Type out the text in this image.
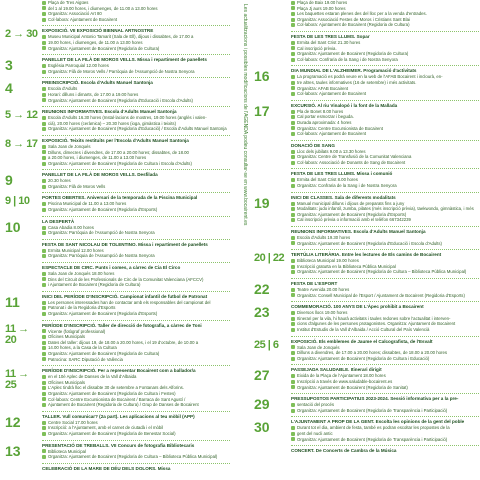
Plaça de Tres Aigües

del 1 al 19.00 hores, i diumenges, de 11.00 a 13.00 hores

Organitza: Associació Art 80

Col·labora: Ajuntament de Bocairent

2 → 30 EXPOSICIÓ. VII EXPOSICIÓ BIENNAL ARTNOSTRE

Museu Municipal Antonio Tamarit (Sala de Ell), dijous i dissabtes, de 17.00 a

19.00 hores, i diumenges, de 11.00 a 13.00 hores

Organitza: Ajuntament de Bocairent (Regidoria de Cultura)

3	PANELLET DE LA FILÀ DE MOROS VELLS. Missa i repartiment de panellets

Església Parroquial 12.00 hores

Organitza: Filà de Moros Vells / Parròquia de l'Assumpció de Nostra Senyora

4	PREINSCRIPCIÓ. Escola d'Adults Manuel Santonja

Escola d'Adults

Horari: dilluns i dimarts, de 17.00 a 19.00 hores

Organitza: Ajuntament de Bocairent (Regidoria d'Educació i Escola d'Adults)

5 → 12 REUNIONS INFORMATIVES. Escola d'Adults Manuel Santonja

Escola d'Adults 16.30 hores (Instal·lacions de mostres, 19.00 hores (anglès i valen-

cià), 20.00 hores (ceràmica) – 20.30 hores (ioga, gimàstica i teixits)

Organitza: Ajuntament de Bocairent (Regidoria d'Educació) / Escola d'Adults Manuel Santonja

8 → 17 EXPOSICIÓ. Teixits restituits per l'Escola d'Adults Manuel Santonja

Sala Joan de Jonqués

Dilluns, dimecres i divendres, de 17.00 a 20.00 hores; dissabtes, de 18.00

a 20.00 hores, i diumenges, de 11.00 a 13.00 hores

Organitza: Ajuntament de Bocairent (Regidoria de Cultura i Escola d'Adults)

9	PANELLET DE LA FILÀ DE MOROS VELLS. Desfilada

20.30 hores

Organitza: Filà de Moros Vells

9 | 10	PORTES OBERTES. Aniversari de la temporada de la Piscina Municipal

Piscina Municipal de 11.00 a 13.00 hores

Organitza: Ajuntament de Bocairent (Regidoria d'Esports)

10	LA DESPERTÀ

Casa Abadia 8.00 hores

Organitza: Parròquia de l'Assumpció de Nostra Senyora

FESTA DE SANT NICOLAU DE TOLENTINO. Missa i repartiment de panellets

Ermita Municipal 12.00 hores

Organitza: Parròquia de l'Assumpció de Nostra Senyora

ESPECTACLE DE CIRC. Punts i comes, a càrrec de Cia El Circo

Sala Joan de Jonqués 18.00 hores

Dins del Circuit de les Professionals de Circ de la Comunitat Valenciana (AFCCV)

i Ajuntament de Bocairent (Regidoria de Cultura)

11	INICI DEL PERÍODE D'INSCRIPCIÓ. Campionat infantil de futbol de Patronat

Les persones interessades han de contactar amb els responsables del campionat del

Patronat i de la Regidoria d'Esports

Organitza: Ajuntament de Bocairent (Regidoria d'Esports)

11 → 20

PERÍODE D'INSCRIPCIÓ. Taller de direcció de fotografia, a càrrec de Toni

Vicente (fotògraf professional)

Oficines Municipals

Dates del taller: dijous 19, de 18.00 a 20.00 hores, i el 19 d'octubre, de 10.00 a

14.00 hores, a la Casa de la Cultura

Organitza: Ajuntament de Bocairent (Regidoria de Cultura)

Patrocina: SARC Diputació de València

11 → 25

PERÍODE D'INSCRIPCIÓ. Per a representar Bocairent com a ballador/a

en el 10è Aplec de Danses de la Vall d'Albaida

Oficines Municipals

L'Aplec tindrà lloc el dissabte 30 de setembre a Fontanars dels Alforins.

Organitza: Ajuntament de Bocairent (Regidoria de Cultura i Festes)

Col·labora: Centre Excursionista de Bocairent / Barraca de Sant Agustí /

Ajuntament de Bocairent (Regidoria de Cultura) / Grup de Danses de Bocairent

12	TALLER. Vull comunicar? (2a part). Les aplicacions al teu mòbil (APP)

Centre Social 17.00 hores

Inscripció: a l'Ajuntament, amb el carnet de ciutadà i el mòbil

Organitza: Ajuntament de Bocairent (Regidoria de Benestar Social)

13	PRESENTACIÓ DE TREBALLS. VII Concurs de fotografia Bibliotecaris

Biblioteca Municipal

Organitza: Ajuntament de Bocairent (Regidoria de Cultura – Biblioteca Pública Municipal)

CELEBRACIÓ DE LA MARE DE DÉU DELS DOLORS. Missa

Les actualitzacions i possibles modificacions de l'AGENDA podeu consultar-se en www.bocairent.es

Plaça de Baix 19.00 hores

Plaça Jj aurs 19.00 hores

Les baquettes estaran plenes des del lloc per a la venda d'entrades.

Organitza: Associació Festes de Moros i Cristians Sant Blai

Col·labora: Ajuntament de Bocairent (Regidoria de Cultura)

FESTA DE LES TRES LLUMS. Sopar

Ermita del Sant Crist 21.30 hores

Cal inscripció prèvia.

Organitza: Ajuntament de Bocairent (Regidoria de Cultura)

Col·labora: Confraria de la Sang i de Nostra Senyora

16	DIA MUNDIAL DE L'ALZHEIMER. Programació d'activitats

La programació es podrà veure en la web de l'AFAB Bocairent i inclourà, en-

tre altres, taules informatives (16 de setembre) i més activitats.

Organitza: AFAB Bocairent

Col·labora: Ajuntament de Bocairent

17	EXCURSIÓ. Al riu Vinalopó i la font de la Mallada

Pla de Bonet 8.00 hores

Cal portar esmorzar i beguda.

Durada aproximada: 4 hores

Organitza: Centre Excursionista de Bocairent

Col·labora: Ajuntament de Bocairent

DONACIÓ DE SANG

Lloc dels jubilats 9.00 a 13.30 hores

Organitza: Centre de Transfusió de la Comunitat Valenciana

Col·labora: Associació de Donants de Sang de Bocairent

FESTA DE LES TRES LLUMS. Missa i comunió

Ermita del Sant Crist 8.00 hores

Organitza: Confraria de la Sang i de Nostra Senyora

19	INICI DE CLASSES. Sala de diferents modalitats

Manual municipal dilluns i dijous de preparats fins a juny

Modalitats: judo infantil, zumba, pilates (més inscripció prèvia), taekwondo, gimnàstica, i més

Organitza: Ajuntament de Bocairent (Regidoria d'Esports)

Cal inscripció prèvia o informació amb el telèfon 667342239

REUNIONS INFORMATIVES. Escola d'Adults Manuel Santonja

Escola d'Adults 19.30 hores

Organitza: Ajuntament de Bocairent (Regidoria d'Educació i Escola d'Adults)

20 | 22	TERTÚLIA LITERÀRIA. Entre les lectures de Els camins de Bocairent

Biblioteca Municipal 19.00 hores

Inscripció gratuïta en la Biblioteca Pública Municipal

Organitza: Ajuntament de Bocairent (Regidoria de Cultura – Biblioteca Pública Municipal)

22	FESTA DE L'ESPORT

Teatre Avenida 20.00 hores

Organitza: Consell Municipal de l'Esport / Ajuntament de Bocairent (Regidoria d'Esports)

23	COMMEMORACIÓ. 100 ANYS DE L'Àpec prohibit a Bocairent

Diversos llocs 19.00 hores

Itinerari per la vila, hi haurà activitats i taules redones sobre l'actualitat i interven-

cions d'algunes de les persones protagonistes. Organitza: Ajuntament de Bocairent

Institut d'Estudis de la Vall d'Albaida / Acció Cultural del País Valencià

25 | 6	EXPOSICIÓ. Els emblemes de Jaume el Calcografista, de l'Esvalt

Sala Joan de Jonqués

Dilluns a divendres, de 17.00 a 20.00 hores; dissabtes, de 18.00 a 20.00 hores

Organitza: Ajuntament de Bocairent (Regidoria de Cultura i Educació)

27	PASSEJADA SALUDABLE. Itinerari dirigit

Eixida de la Plaça de l'Ajuntament 18.00 hores

Inscripció a través de www.saludable-bocairent.es

Organitza: Ajuntament de Bocairent (Regidoria de Sanitat)

29	PRESSUPOSTOS PARTICIPATIUS 2023-2024. Sessió informativa per a la pre-

sentació del procés

Organitza: Ajuntament de Bocairent (Regidoria de Transparència i Participació)

30	L'AJUNTAMENT A PROP DE LA GENT. Escolta les opinions de la gent del poble

Durant tot el dia, ambient de festa, també es podran escoltar les propostes de la

gent del nucli antic

Organitza: Ajuntament de Bocairent (Regidoria de Transparència i Participació)

CONCERT. De Concerts de Cambra de la Música
